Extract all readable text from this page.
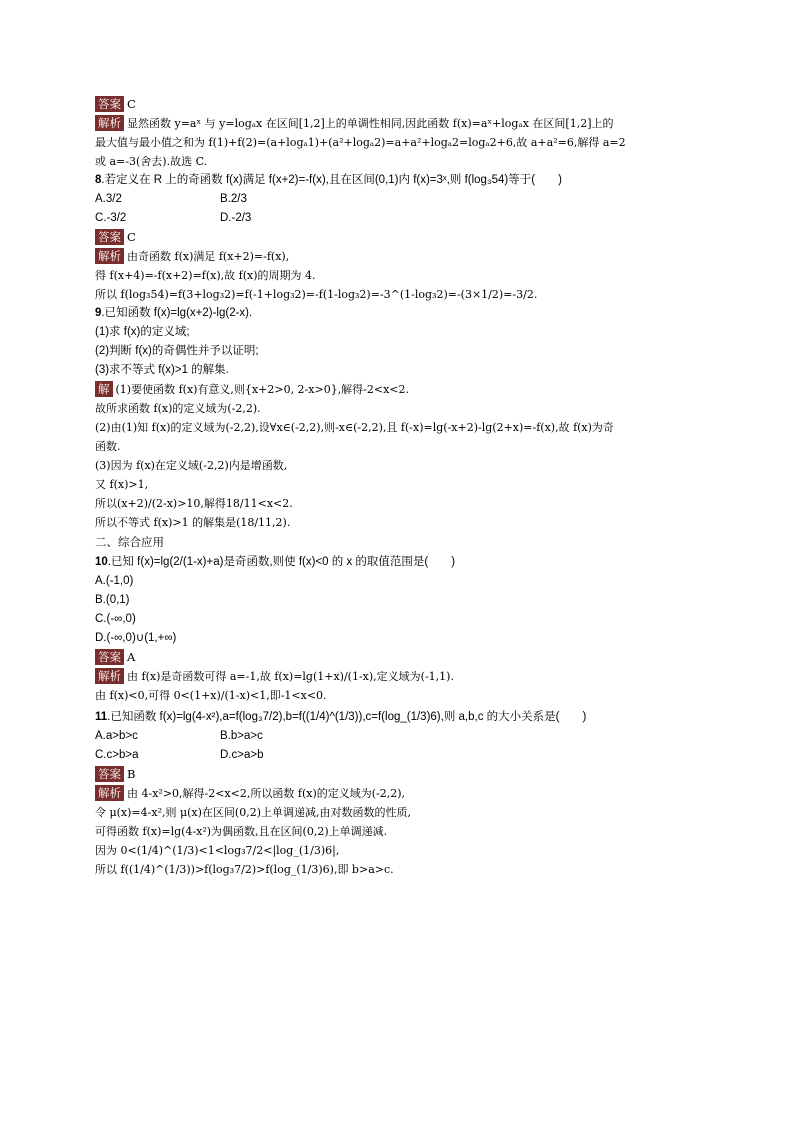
答案 C
解析 显然函数 y=aˣ 与 y=logₐx 在区间[1,2]上的单调性相同,因此函数 f(x)=aˣ+logₐx 在区间[1,2]上的
最大值与最小值之和为 f(1)+f(2)=(a+logₐ1)+(a²+logₐ2)=a+a²+logₐ2=logₐ2+6,故 a+a²=6,解得 a=2
或 a=-3(舍去).故选 C.
8.若定义在 R 上的奇函数 f(x)满足 f(x+2)=-f(x),且在区间(0,1)内 f(x)=3ˣ,则 f(log₃54)等于(　　)
A.3/2	B.2/3
C.-3/2	D.-2/3
答案 C
解析 由奇函数 f(x)满足 f(x+2)=-f(x),
得 f(x+4)=-f(x+2)=f(x),故 f(x)的周期为 4.
所以 f(log₃54)=f(3+log₃2)=f(-1+log₃2)=-f(1-log₃2)=-3^(1-log₃2)=-(3×1/2)=-3/2.
9.已知函数 f(x)=lg(x+2)-lg(2-x).
(1)求 f(x)的定义域;
(2)判断 f(x)的奇偶性并予以证明;
(3)求不等式 f(x)>1 的解集.
解 (1)要使函数 f(x)有意义,则{x+2>0, 2-x>0},解得-2<x<2.
故所求函数 f(x)的定义域为(-2,2).
(2)由(1)知 f(x)的定义域为(-2,2),设∀x∈(-2,2),则-x∈(-2,2),且 f(-x)=lg(-x+2)-lg(2+x)=-f(x),故 f(x)为奇
函数.
(3)因为 f(x)在定义域(-2,2)内是增函数,
又 f(x)>1,
所以(x+2)/(2-x)>10,解得18/11<x<2.
所以不等式 f(x)>1 的解集是(18/11,2).
二、综合应用
10.已知 f(x)=lg(2/(1-x)+a)是奇函数,则使 f(x)<0 的 x 的取值范围是(　　)
A.(-1,0)
B.(0,1)
C.(-∞,0)
D.(-∞,0)∪(1,+∞)
答案 A
解析 由 f(x)是奇函数可得 a=-1,故 f(x)=lg(1+x)/(1-x),定义域为(-1,1).
由 f(x)<0,可得 0<(1+x)/(1-x)<1,即-1<x<0.
11.已知函数 f(x)=lg(4-x²),a=f(log₃7/2),b=f((1/4)^(1/3)),c=f(log_(1/3)6),则 a,b,c 的大小关系是(　　)
A.a>b>c	B.b>a>c
C.c>b>a	D.c>a>b
答案 B
解析 由 4-x²>0,解得-2<x<2,所以函数 f(x)的定义域为(-2,2),
令 μ(x)=4-x²,则 μ(x)在区间(0,2)上单调递减,由对数函数的性质,
可得函数 f(x)=lg(4-x²)为偶函数,且在区间(0,2)上单调递减.
因为 0<(1/4)^(1/3)<1<log₃7/2<|log_(1/3)6|,
所以 f((1/4)^(1/3))>f(log₃7/2)>f(log_(1/3)6),即 b>a>c.
